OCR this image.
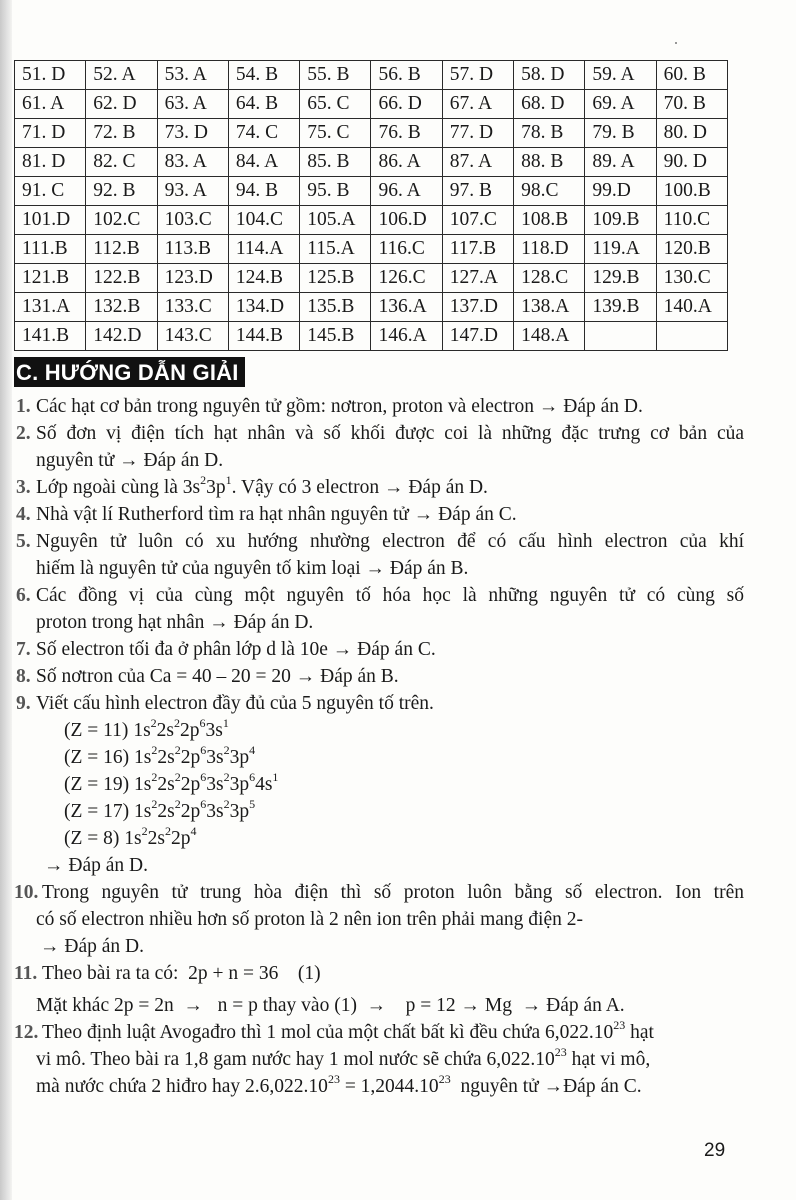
51. D	52. A	53. A	54. B	55. B	56. B	57. D	58. D	59. A	60. B
61. A	62. D	63. A	64. B	65. C	66. D	67. A	68. D	69. A	70. B
71. D	72. B	73. D	74. C	75. C	76. B	77. D	78. B	79. B	80. D
81. D	82. C	83. A	84. A	85. B	86. A	87. A	88. B	89. A	90. D
91. C	92. B	93. A	94. B	95. B	96. A	97. B	98.C	99.D	100.B
101.D	102.C	103.C	104.C	105.A	106.D	107.C	108.B	109.B	110.C
111.B	112.B	113.B	114.A	115.A	116.C	117.B	118.D	119.A	120.B
121.B	122.B	123.D	124.B	125.B	126.C	127.A	128.C	129.B	130.C
131.A	132.B	133.C	134.D	135.B	136.A	137.D	138.A	139.B	140.A
141.B	142.D	143.C	144.B	145.B	146.A	147.D	148.A		
C. HƯỚNG DẪN GIẢI
1. Các hạt cơ bản trong nguyên tử gồm: nơtron, proton và electron → Đáp án D.
2. Số đơn vị điện tích hạt nhân và số khối được coi là những đặc trưng cơ bản của
nguyên tử → Đáp án D.
3. Lớp ngoài cùng là $3s^23p^1$. Vậy có 3 electron → Đáp án D.
4. Nhà vật lí Rutherford tìm ra hạt nhân nguyên tử → Đáp án C.
5. Nguyên tử luôn có xu hướng nhường electron để có cấu hình electron của khí
hiếm là nguyên tử của nguyên tố kim loại → Đáp án B.
6. Các đồng vị của cùng một nguyên tố hóa học là những nguyên tử có cùng số
proton trong hạt nhân → Đáp án D.
7. Số electron tối đa ở phân lớp d là 10e → Đáp án C.
8. Số nơtron của Ca = 40 – 20 = 20 → Đáp án B.
9. Viết cấu hình electron đầy đủ của 5 nguyên tố trên.
(Z = 11) $1s^22s^22p^63s^1$
(Z = 16) $1s^22s^22p^63s^23p^4$
(Z = 19) $1s^22s^22p^63s^23p^64s^1$
(Z = 17) $1s^22s^22p^63s^23p^5$
(Z = 8) $1s^22s^22p^4$
→ Đáp án D.
10. Trong nguyên tử trung hòa điện thì số proton luôn bằng số electron. Ion trên
có số electron nhiều hơn số proton là 2 nên ion trên phải mang điện 2-
→ Đáp án D.
11. Theo bài ra ta có:  2p + n = 36    (1)
Mặt khác 2p = 2n  →   n = p thay vào (1)  →    p = 12 → Mg  → Đáp án A.
12. Theo định luật Avogađro thì 1 mol của một chất bất kì đều chứa 6,022.10$^{23}$ hạt
vi mô. Theo bài ra 1,8 gam nước hay 1 mol nước sẽ chứa 6,022.10$^{23}$ hạt vi mô,
mà nước chứa 2 hiđro hay $2.6,022.10^{23} = 1,2044.10^{23}$  nguyên tử →Đáp án C.
29
